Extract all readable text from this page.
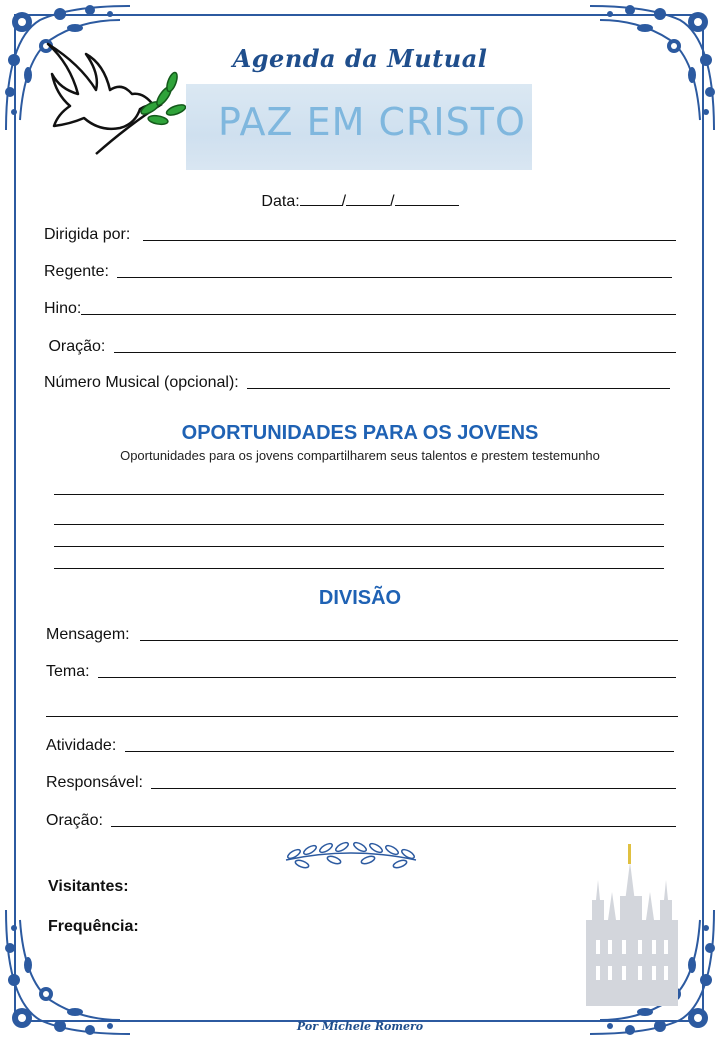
Agenda da Mutual
PAZ EM CRISTO
Data:	/	/
Dirigida por:
Regente:
Hino:
Oração:
Número Musical (opcional):
OPORTUNIDADES PARA OS JOVENS
Oportunidades para os jovens compartilharem seus talentos e prestem testemunho
DIVISÃO
Mensagem:
Tema:
Atividade:
Responsável:
Oração:
Visitantes:
Frequência:
Por Michele Romero
